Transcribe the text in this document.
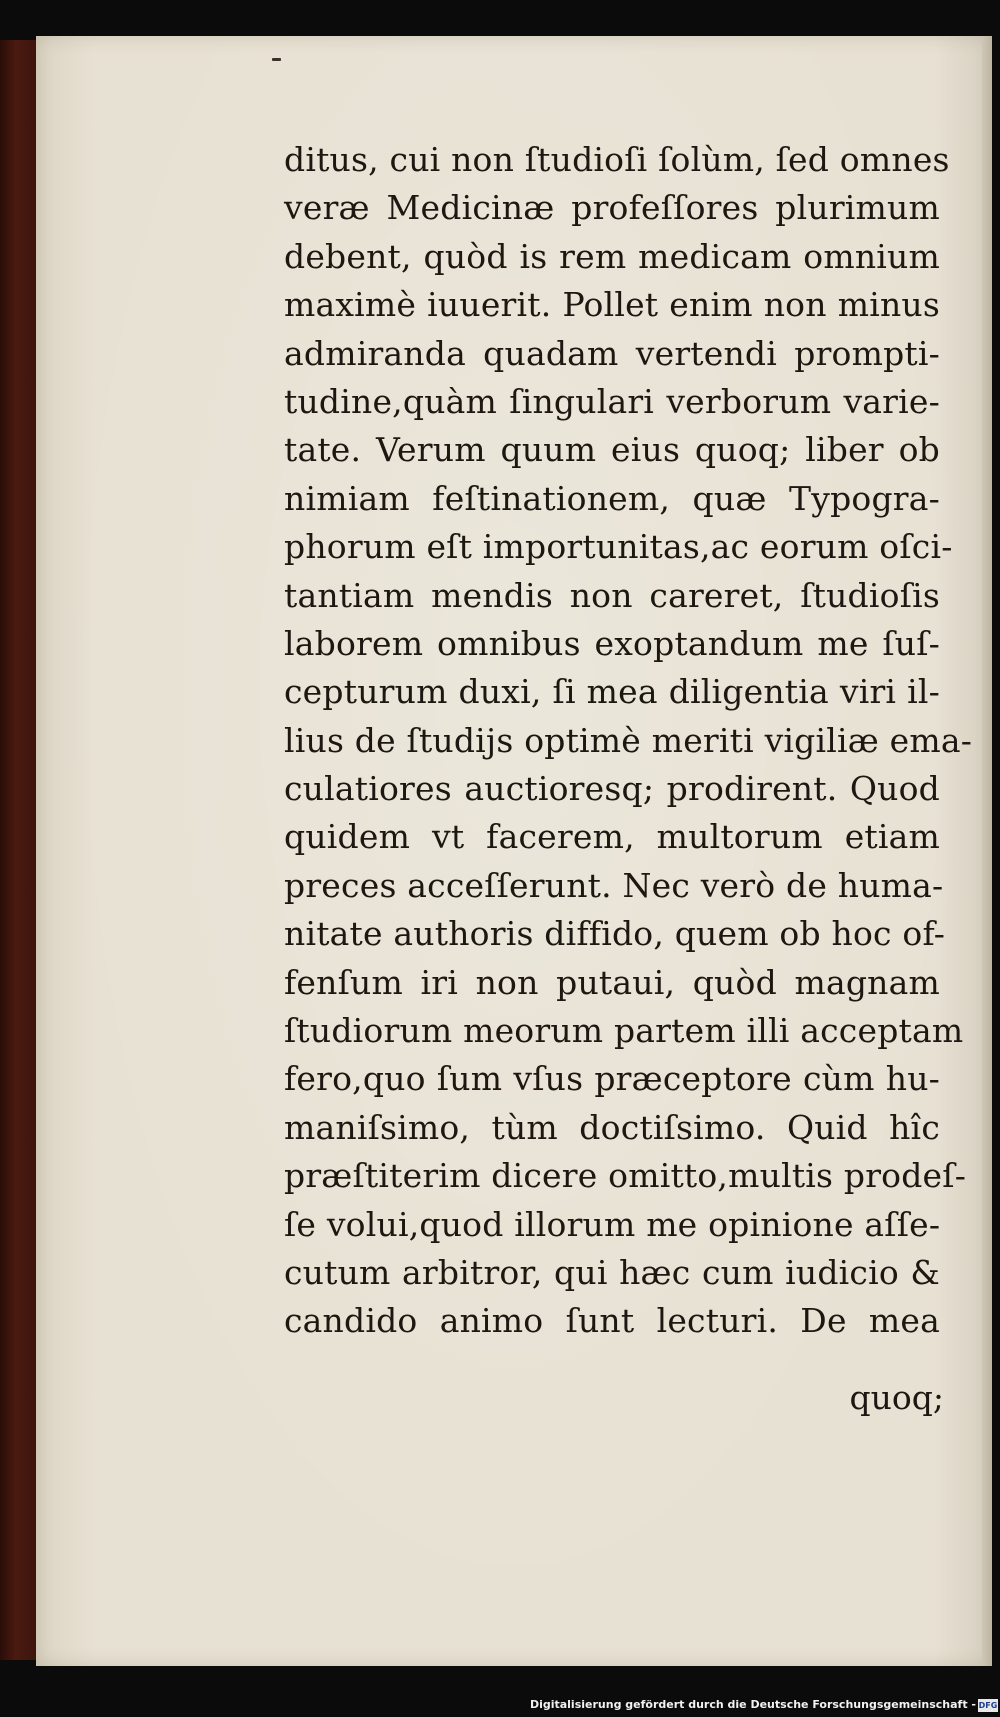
ditus, cui non ſtudioſi ſolùm, ſed omnes
veræ Medicinæ profeſſores plurimum
debent, quòd is rem medicam omnium
maximè iuuerit. Pollet enim non minus
admiranda quadam vertendi prompti-
tudine,quàm ſingulari verborum varie-
tate. Verum quum eius quoq; liber ob
nimiam feſtinationem, quæ Typogra-
phorum eſt importunitas,ac eorum oſci-
tantiam mendis non careret, ſtudioſis
laborem omnibus exoptandum me ſuſ-
cepturum duxi, ſi mea diligentia viri il-
lius de ſtudijs optimè meriti vigiliæ ema-
culatiores auctioresq; prodirent. Quod
quidem vt facerem, multorum etiam
preces acceſſerunt. Nec verò de huma-
nitate authoris diffido, quem ob hoc of-
fenſum iri non putaui, quòd magnam
ſtudiorum meorum partem illi acceptam
fero,quo ſum vſus præceptore cùm hu-
maniſsimo, tùm doctiſsimo. Quid hîc
præſtiterim dicere omitto,multis prodeſ-
ſe volui,quod illorum me opinione aſſe-
cutum arbitror, qui hæc cum iudicio &
candido animo ſunt lecturi. De mea
quoq;
Digitalisierung gefördert durch die Deutsche Forschungsgemeinschaft - DFG
